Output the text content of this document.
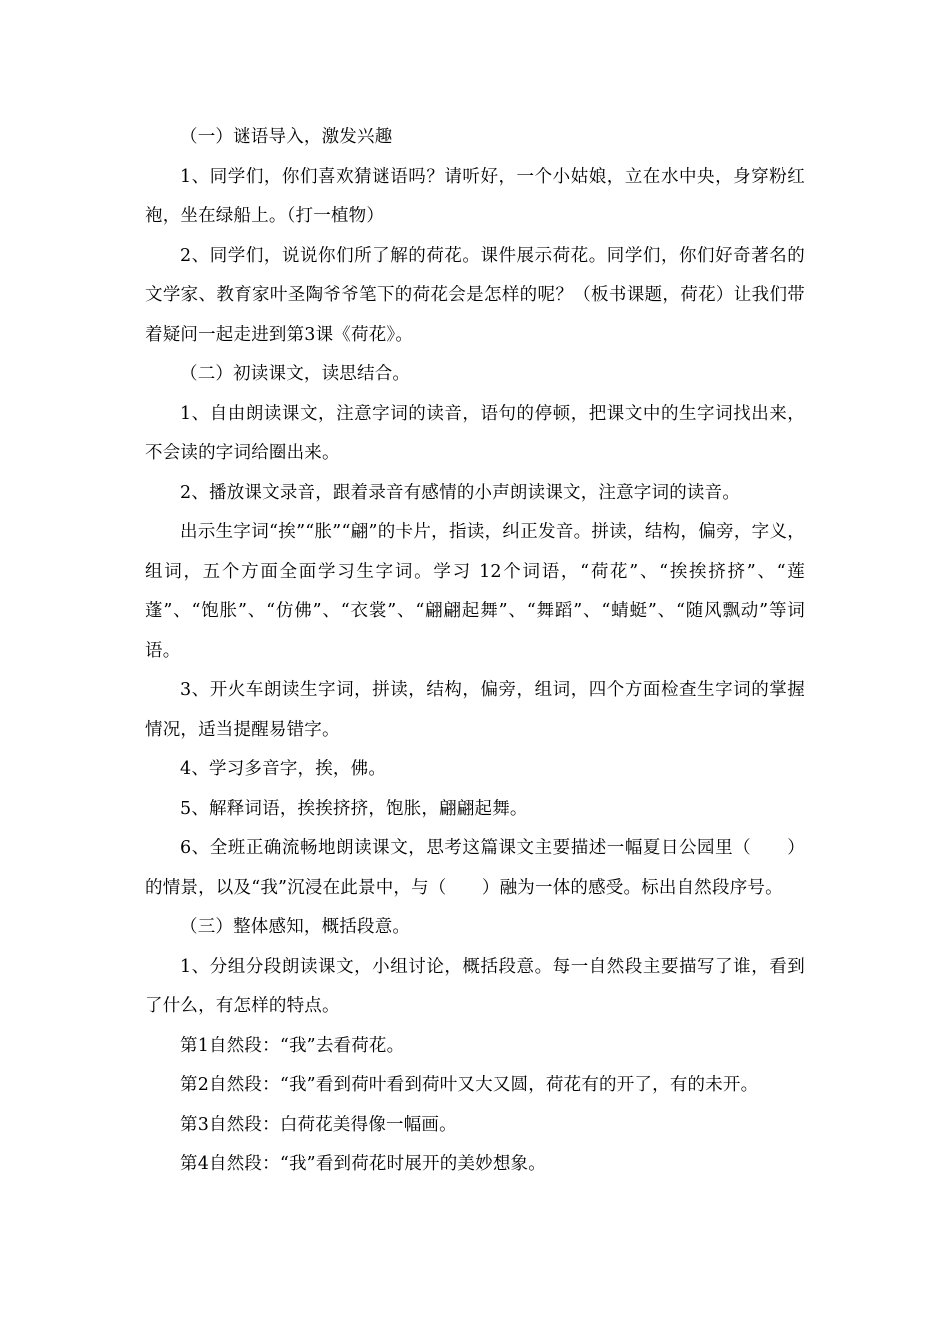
（一）谜语导入，激发兴趣

1、同学们，你们喜欢猜谜语吗？请听好，一个小姑娘，立在水中央，身穿粉红袍，坐在绿船上。（打一植物）

2、同学们，说说你们所了解的荷花。课件展示荷花。同学们，你们好奇著名的文学家、教育家叶圣陶爷爷笔下的荷花会是怎样的呢？（板书课题，荷花）让我们带着疑问一起走进到第3课《荷花》。

（二）初读课文，读思结合。

1、自由朗读课文，注意字词的读音，语句的停顿，把课文中的生字词找出来，不会读的字词给圈出来。

2、播放课文录音，跟着录音有感情的小声朗读课文，注意字词的读音。

出示生字词“挨”“胀”“翩”的卡片，指读，纠正发音。拼读，结构，偏旁，字义，组词，五个方面全面学习生字词。学习 12个词语，“荷花”、“挨挨挤挤”、“莲蓬”、“饱胀”、“仿佛”、“衣裳”、“翩翩起舞”、“舞蹈”、“蜻蜓”、“随风飘动”等词语。

3、开火车朗读生字词，拼读，结构，偏旁，组词，四个方面检查生字词的掌握情况，适当提醒易错字。

4、学习多音字，挨，佛。

5、解释词语，挨挨挤挤，饱胀，翩翩起舞。

6、全班正确流畅地朗读课文，思考这篇课文主要描述一幅夏日公园里（　　）的情景，以及“我”沉浸在此景中，与（　　）融为一体的感受。标出自然段序号。

（三）整体感知，概括段意。

1、分组分段朗读课文，小组讨论，概括段意。每一自然段主要描写了谁，看到了什么，有怎样的特点。

第1自然段：“我”去看荷花。

第2自然段：“我”看到荷叶看到荷叶又大又圆，荷花有的开了，有的未开。

第3自然段：白荷花美得像一幅画。

第4自然段：“我”看到荷花时展开的美妙想象。
